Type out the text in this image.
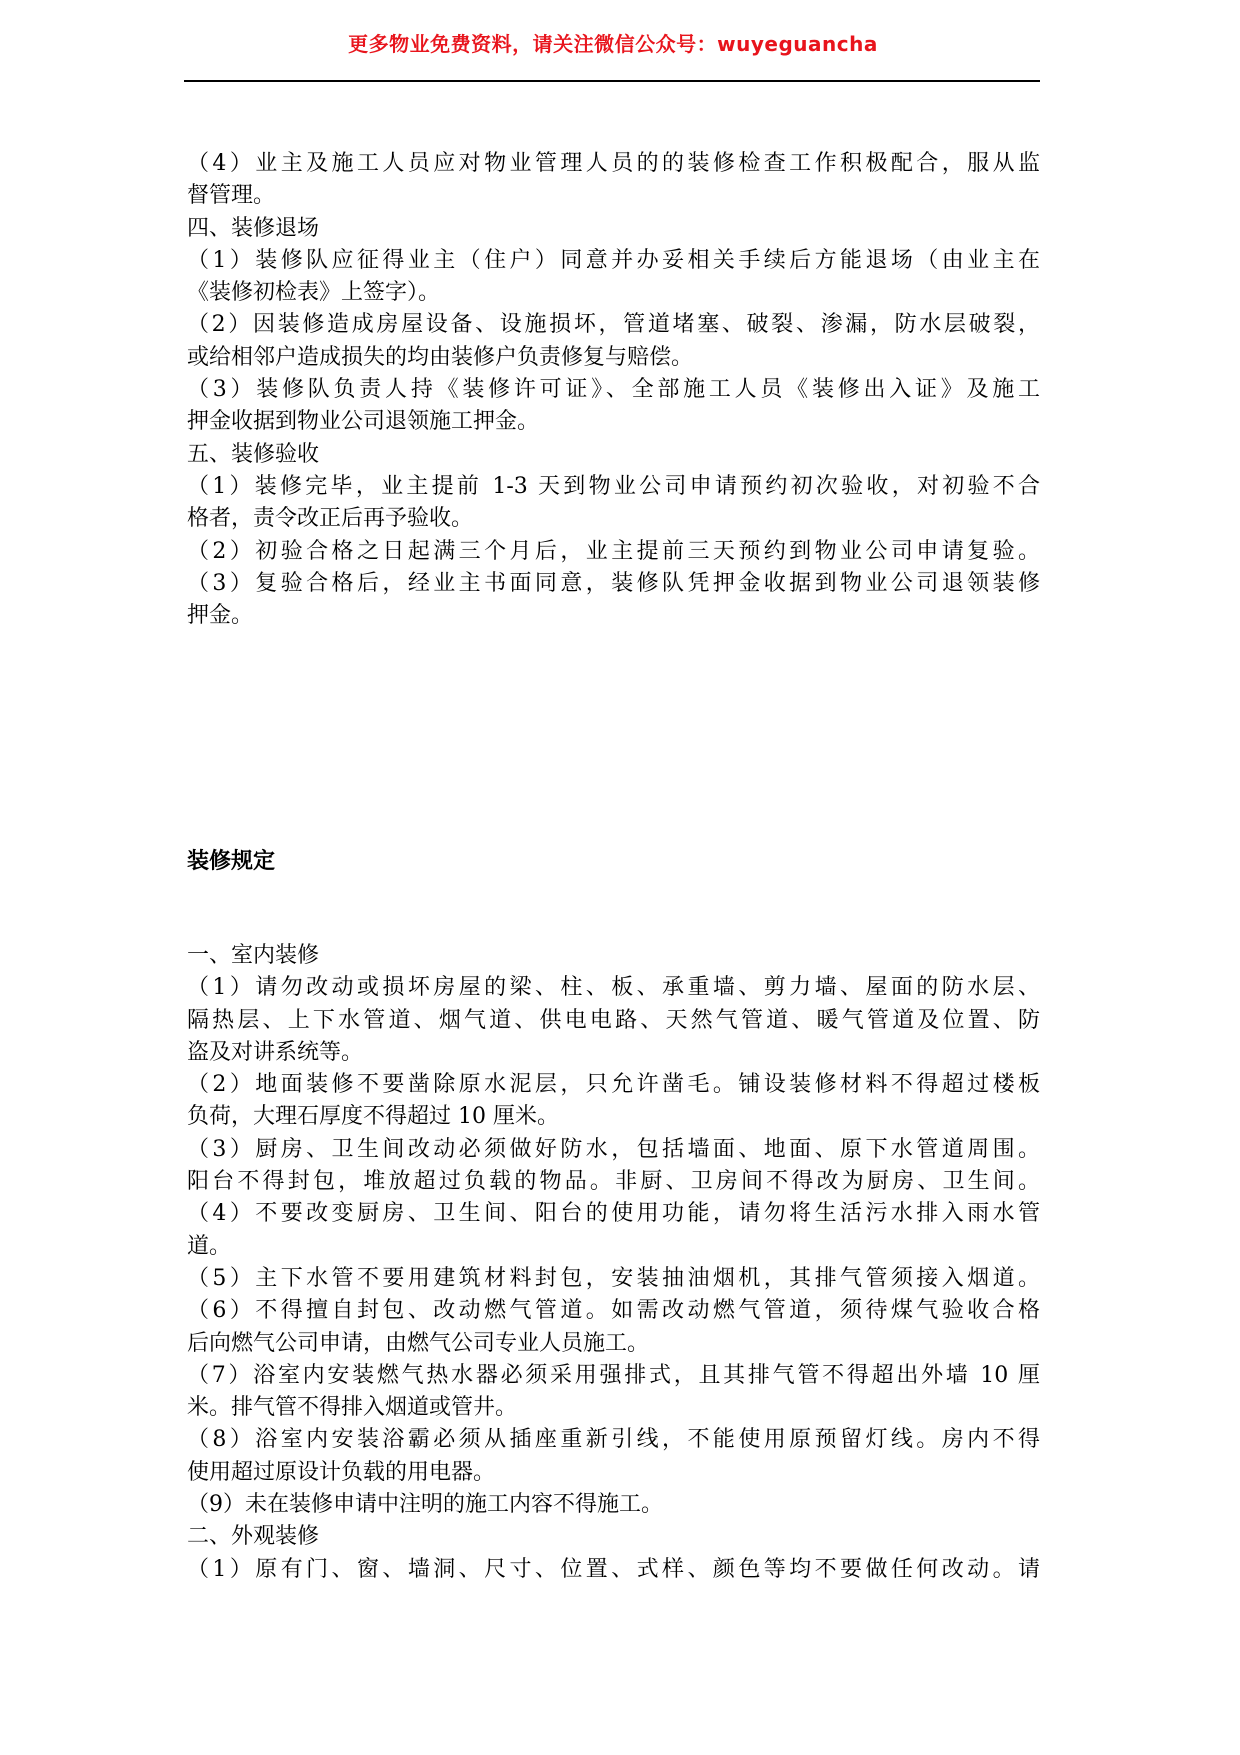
更多物业免费资料，请关注微信公众号：wuyeguancha
（4）业主及施工人员应对物业管理人员的的装修检查工作积极配合，服从监
督管理。
四、装修退场
（1）装修队应征得业主（住户）同意并办妥相关手续后方能退场（由业主在
《装修初检表》上签字）。
（2）因装修造成房屋设备、设施损坏，管道堵塞、破裂、渗漏，防水层破裂，
或给相邻户造成损失的均由装修户负责修复与赔偿。
（3）装修队负责人持《装修许可证》、全部施工人员《装修出入证》及施工
押金收据到物业公司退领施工押金。
五、装修验收
（1）装修完毕，业主提前 1-3 天到物业公司申请预约初次验收，对初验不合
格者，责令改正后再予验收。
（2）初验合格之日起满三个月后，业主提前三天预约到物业公司申请复验。
（3）复验合格后，经业主书面同意，装修队凭押金收据到物业公司退领装修
押金。
装修规定
一、室内装修
（1）请勿改动或损坏房屋的梁、柱、板、承重墙、剪力墙、屋面的防水层、
隔热层、上下水管道、烟气道、供电电路、天然气管道、暖气管道及位置、防
盗及对讲系统等。
（2）地面装修不要凿除原水泥层，只允许凿毛。铺设装修材料不得超过楼板
负荷，大理石厚度不得超过 10 厘米。
（3）厨房、卫生间改动必须做好防水，包括墙面、地面、原下水管道周围。
阳台不得封包，堆放超过负载的物品。非厨、卫房间不得改为厨房、卫生间。
（4）不要改变厨房、卫生间、阳台的使用功能，请勿将生活污水排入雨水管
道。
（5）主下水管不要用建筑材料封包，安装抽油烟机，其排气管须接入烟道。
（6）不得擅自封包、改动燃气管道。如需改动燃气管道，须待煤气验收合格
后向燃气公司申请，由燃气公司专业人员施工。
（7）浴室内安装燃气热水器必须采用强排式，且其排气管不得超出外墙 10 厘
米。排气管不得排入烟道或管井。
（8）浴室内安装浴霸必须从插座重新引线，不能使用原预留灯线。房内不得
使用超过原设计负载的用电器。
（9）未在装修申请中注明的施工内容不得施工。
二、外观装修
（1）原有门、窗、墙洞、尺寸、位置、式样、颜色等均不要做任何改动。请
